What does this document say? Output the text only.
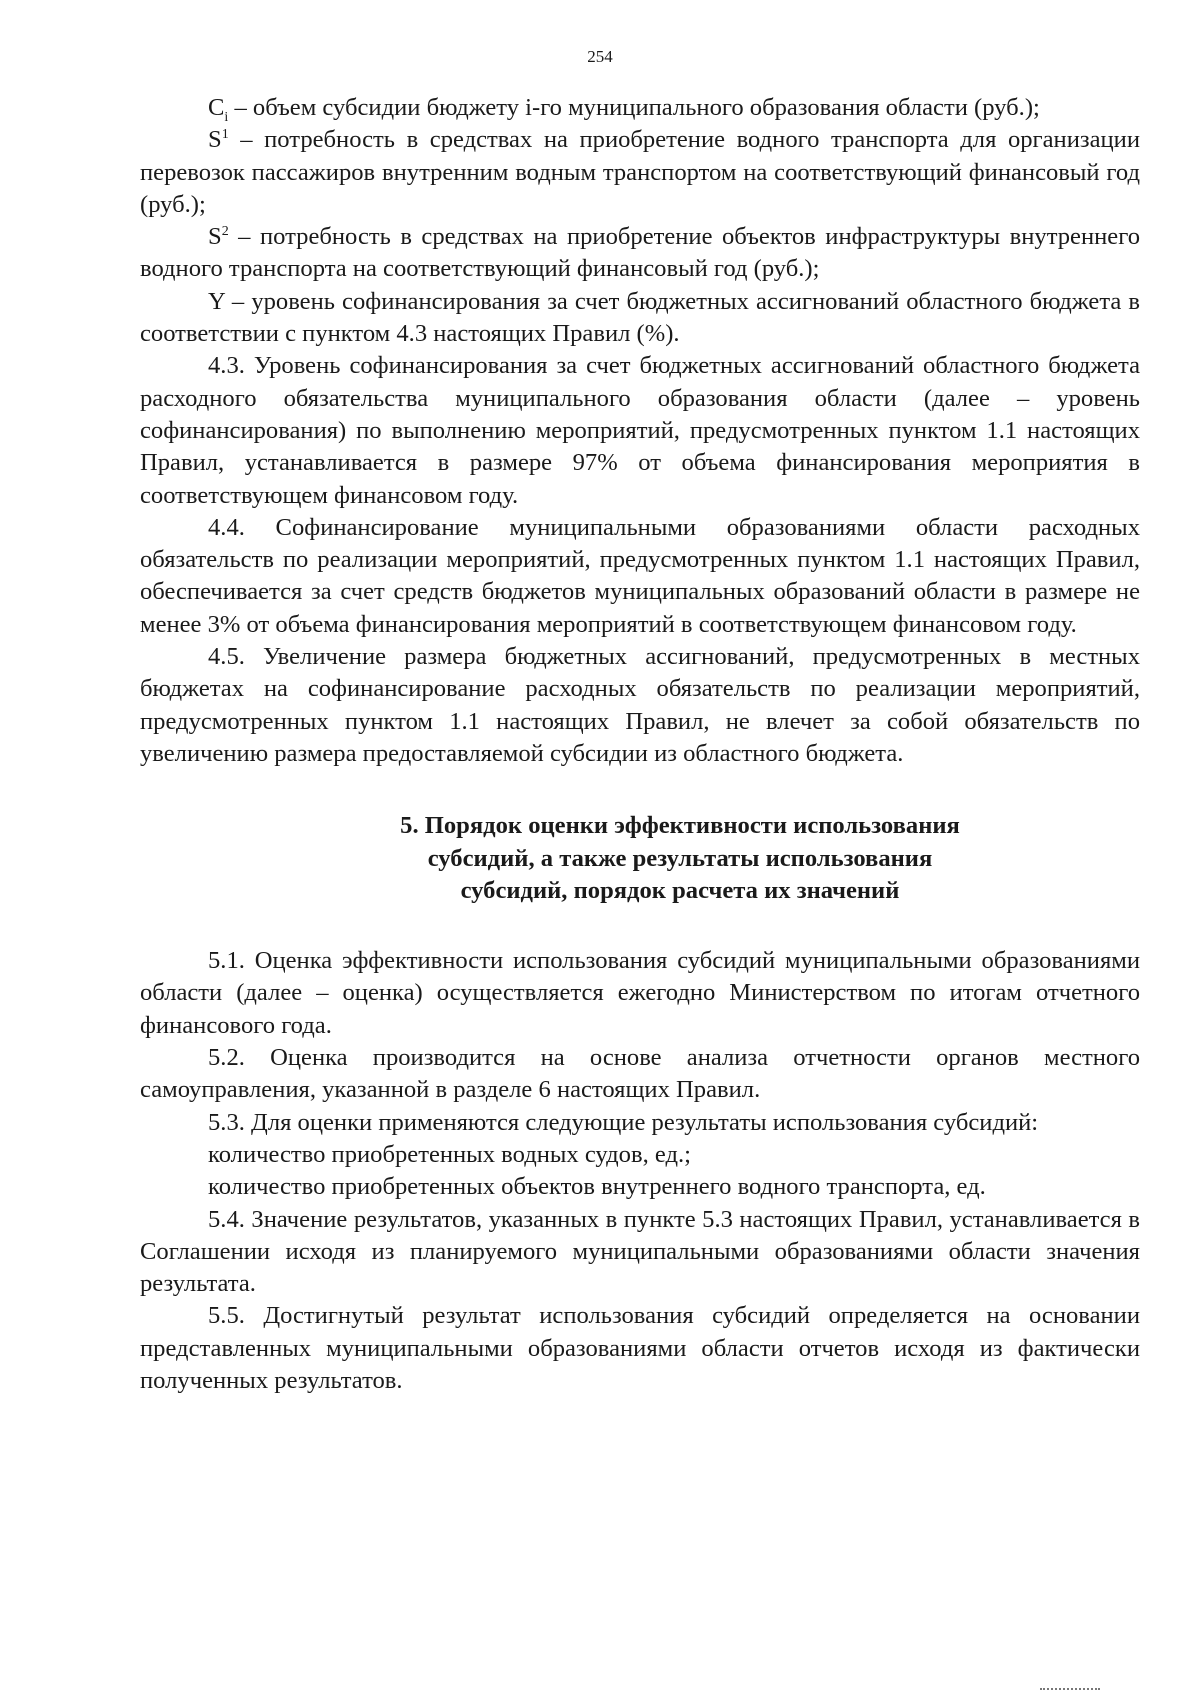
254

$C_i$ – объем субсидии бюджету i-го муниципального образования области (руб.);

$S^1$ – потребность в средствах на приобретение водного транспорта для организации перевозок пассажиров внутренним водным транспортом на соответствующий финансовый год (руб.);

$S^2$ – потребность в средствах на приобретение объектов инфраструктуры внутреннего водного транспорта на соответствующий финансовый год (руб.);

Y – уровень софинансирования за счет бюджетных ассигнований областного бюджета в соответствии с пунктом 4.3 настоящих Правил (%).

4.3. Уровень софинансирования за счет бюджетных ассигнований областного бюджета расходного обязательства муниципального образования области (далее – уровень софинансирования) по выполнению мероприятий, предусмотренных пунктом 1.1 настоящих Правил, устанавливается в размере 97% от объема финансирования мероприятия в соответствующем финансовом году.

4.4. Софинансирование муниципальными образованиями области расходных обязательств по реализации мероприятий, предусмотренных пунктом 1.1 настоящих Правил, обеспечивается за счет средств бюджетов муниципальных образований области в размере не менее 3% от объема финансирования мероприятий в соответствующем финансовом году.

4.5. Увеличение размера бюджетных ассигнований, предусмотренных в местных бюджетах на софинансирование расходных обязательств по реализации мероприятий, предусмотренных пунктом 1.1 настоящих Правил, не влечет за собой обязательств по увеличению размера предоставляемой субсидии из областного бюджета.

5. Порядок оценки эффективности использования
субсидий, а также результаты использования
субсидий, порядок расчета их значений

5.1. Оценка эффективности использования субсидий муниципальными образованиями области (далее – оценка) осуществляется ежегодно Министерством по итогам отчетного финансового года.

5.2. Оценка производится на основе анализа отчетности органов местного самоуправления, указанной в разделе 6 настоящих Правил.

5.3. Для оценки применяются следующие результаты использования субсидий:

количество приобретенных водных судов, ед.;

количество приобретенных объектов внутреннего водного транспорта, ед.

5.4. Значение результатов, указанных в пункте 5.3 настоящих Правил, устанавливается в Соглашении исходя из планируемого муниципальными образованиями области значения результата.

5.5. Достигнутый результат использования субсидий определяется на основании представленных муниципальными образованиями области отчетов исходя из фактически полученных результатов.
